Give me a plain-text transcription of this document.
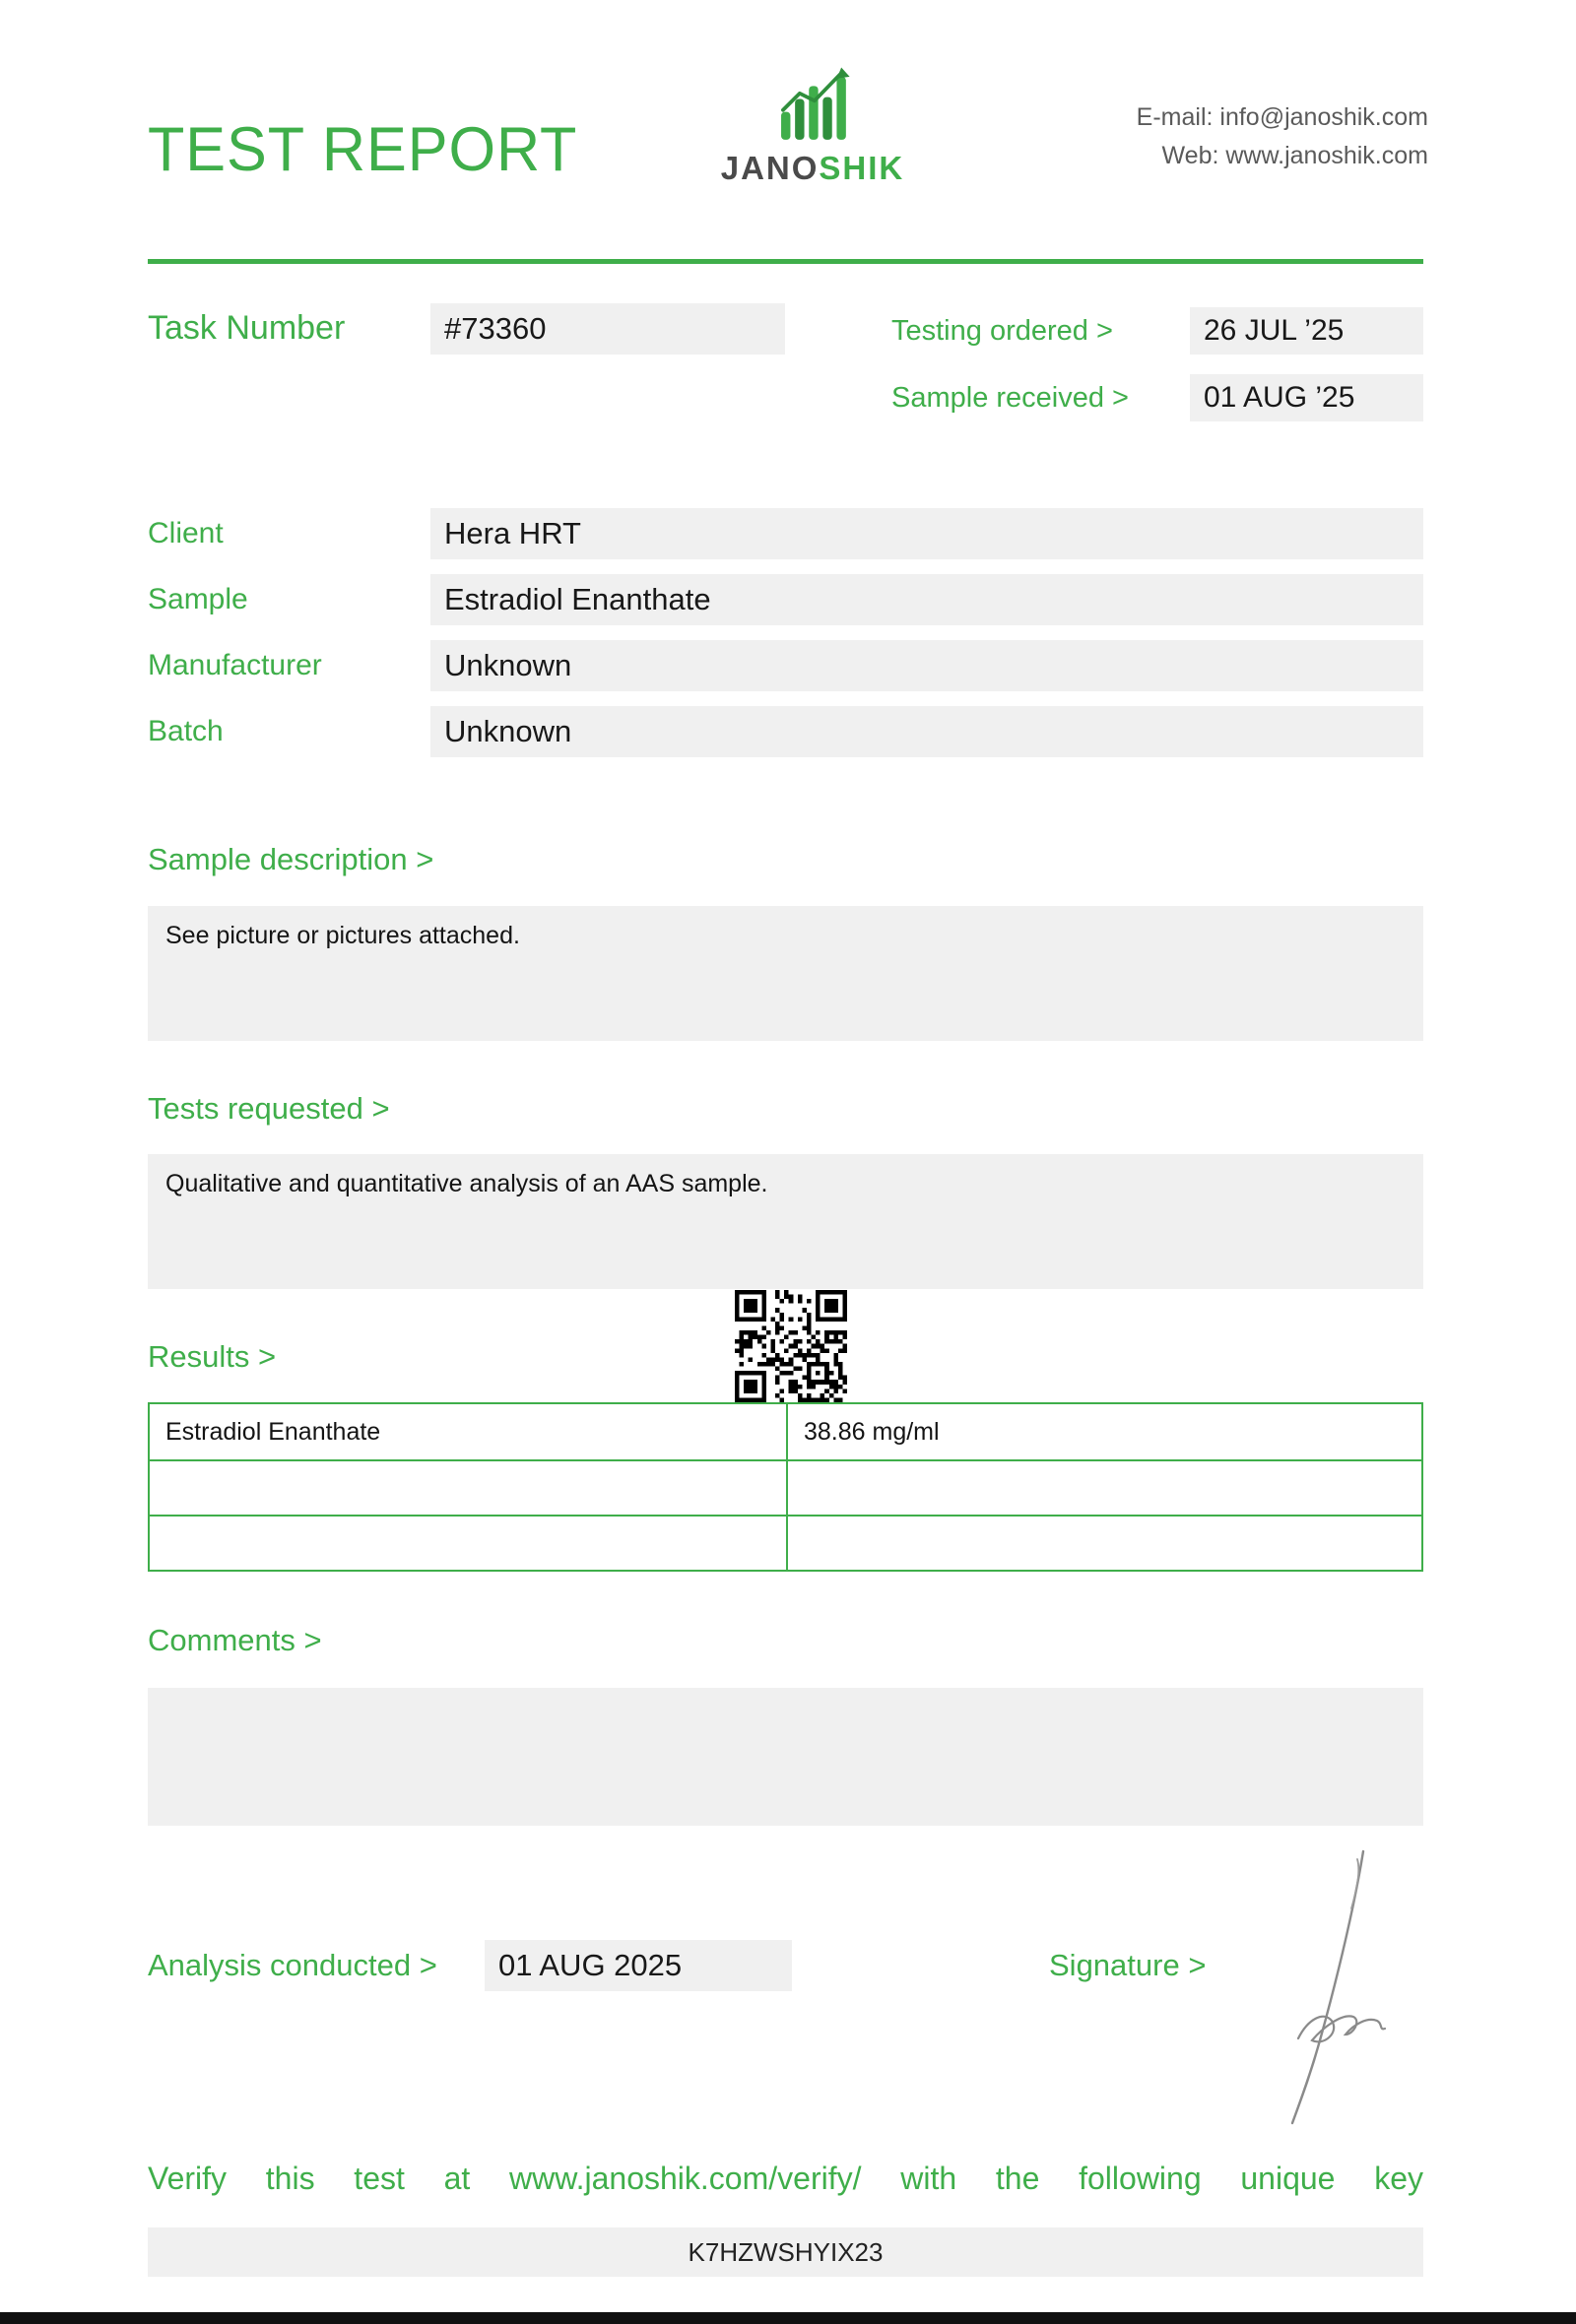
TEST REPORT	JANOSHIK
E-mail: info@janoshik.com
Web: www.janoshik.com
Task Number	#73360	Testing ordered >	26 JUL ’25
Sample received >	01 AUG ’25
Client	Hera HRT
Sample	Estradiol Enanthate
Manufacturer	Unknown
Batch	Unknown
Sample description >
See picture or pictures attached.
Tests requested >
Qualitative and quantitative analysis of an AAS sample.
Results >
Estradiol Enanthate	38.86 mg/ml
Comments >
Analysis conducted >	01 AUG 2025	Signature >
Verify this test at www.janoshik.com/verify/ with the following unique key
K7HZWSHYIX23
